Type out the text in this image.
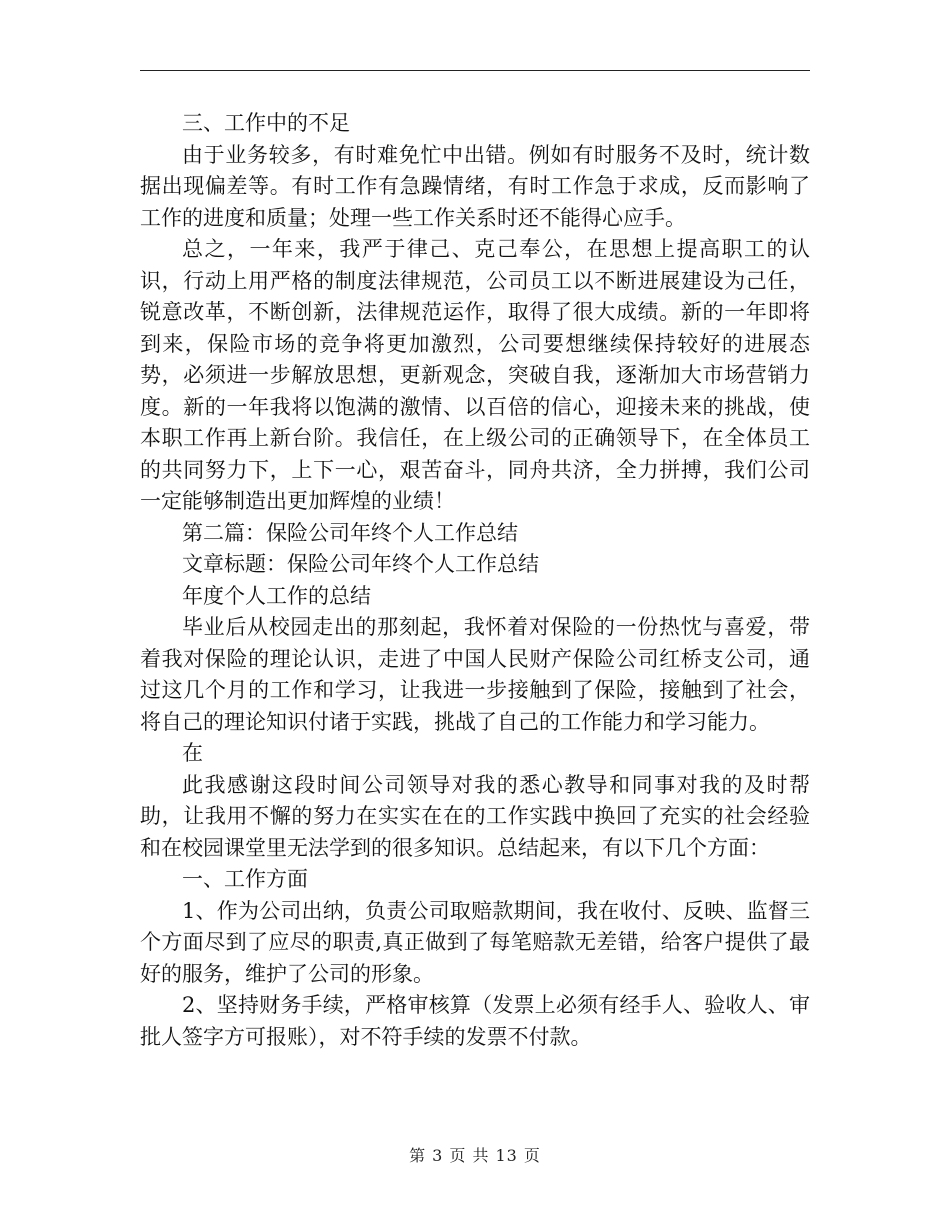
三、工作中的不足

由于业务较多，有时难免忙中出错。例如有时服务不及时，统计数据出现偏差等。有时工作有急躁情绪，有时工作急于求成，反而影响了工作的进度和质量；处理一些工作关系时还不能得心应手。

总之，一年来，我严于律己、克己奉公，在思想上提高职工的认识，行动上用严格的制度法律规范，公司员工以不断进展建设为己任，锐意改革，不断创新，法律规范运作，取得了很大成绩。新的一年即将到来，保险市场的竞争将更加激烈，公司要想继续保持较好的进展态势，必须进一步解放思想，更新观念，突破自我，逐渐加大市场营销力度。新的一年我将以饱满的激情、以百倍的信心，迎接未来的挑战，使本职工作再上新台阶。我信任，在上级公司的正确领导下，在全体员工的共同努力下，上下一心，艰苦奋斗，同舟共济，全力拼搏，我们公司一定能够制造出更加辉煌的业绩！

第二篇：保险公司年终个人工作总结

文章标题：保险公司年终个人工作总结

年度个人工作的总结

毕业后从校园走出的那刻起，我怀着对保险的一份热忱与喜爱，带着我对保险的理论认识，走进了中国人民财产保险公司红桥支公司，通过这几个月的工作和学习，让我进一步接触到了保险，接触到了社会，将自己的理论知识付诸于实践，挑战了自己的工作能力和学习能力。

在

此我感谢这段时间公司领导对我的悉心教导和同事对我的及时帮助，让我用不懈的努力在实实在在的工作实践中换回了充实的社会经验和在校园课堂里无法学到的很多知识。总结起来，有以下几个方面：

一、工作方面

1、作为公司出纳，负责公司取赔款期间，我在收付、反映、监督三个方面尽到了应尽的职责,真正做到了每笔赔款无差错，给客户提供了最好的服务，维护了公司的形象。

2、坚持财务手续，严格审核算（发票上必须有经手人、验收人、审批人签字方可报账），对不符手续的发票不付款。

第 3 页 共 13 页
